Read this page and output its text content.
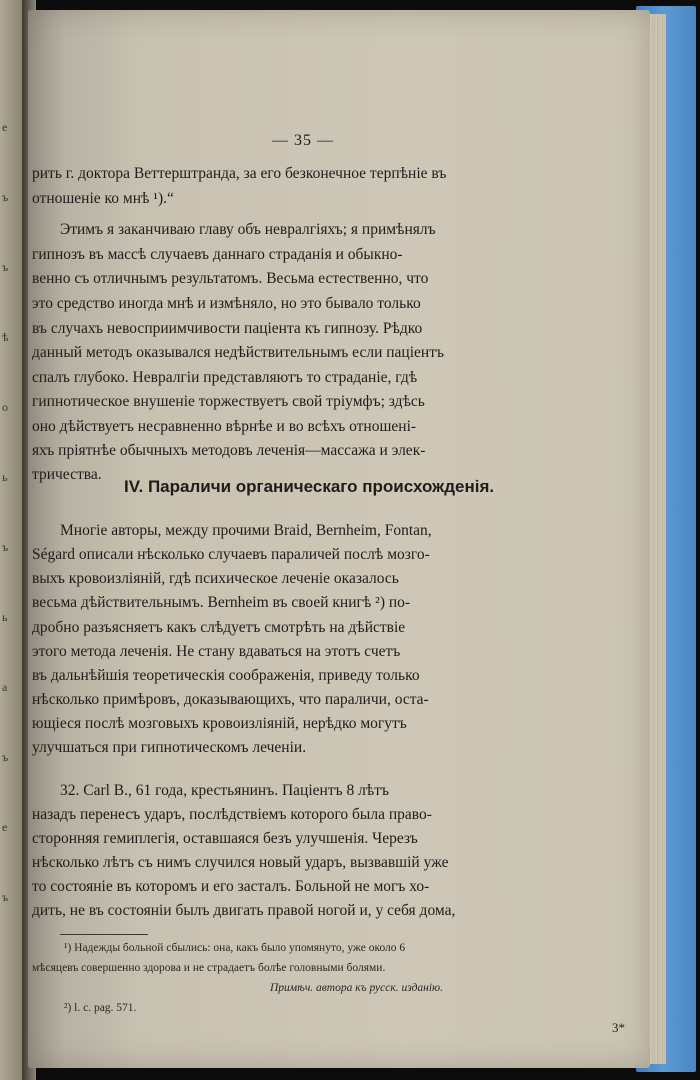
е
ъ
ъ
ѣ
о
ь
ъ
ь
а
ъ
е
ъ
— 35 —
рить г. доктора Веттерштранда, за его безконечное терпѣніе въ
отношеніе ко мнѣ ¹).“
Этимъ я заканчиваю главу объ невралгіяхъ; я примѣнялъ
гипнозъ въ массѣ случаевъ даннаго страданія и обыкно-
венно съ отличнымъ результатомъ. Весьма естественно, что
это средство иногда мнѣ и измѣняло, но это бывало только
въ случахъ невосприимчивости пацiента къ гипнозу. Рѣдко
данный методъ оказывался недѣйствительнымъ если пацiентъ
спалъ глубоко. Невралгіи представляютъ то страданіе, гдѣ
гипнотическое внушеніе торжествуетъ свой тріумфъ; здѣсь
оно дѣйствуетъ несравненно вѣрнѣе и во всѣхъ отношені-
яхъ пріятнѣе обычныхъ методовъ леченія—массажа и элек-
тричества.
IV. Параличи органическаго происхожденія.
Многіе авторы, между прочими Braid, Bernheim, Fontan,
Ségard описали нѣсколько случаевъ параличей послѣ мозго-
выхъ кровоизліяній, гдѣ психическое леченіе оказалось
весьма дѣйствительнымъ. Bernheim въ своей книгѣ ²) по-
дробно разъясняетъ какъ слѣдуетъ смотрѣть на дѣйствіе
этого метода леченія. Не стану вдаваться на этотъ счетъ
въ дальнѣйшія теоретическія соображенія, приведу только
нѣсколько примѣровъ, доказывающихъ, что параличи, оста-
ющіеся послѣ мозговыхъ кровоизліяній, нерѣдко могутъ
улучшаться при гипнотическомъ леченіи.
32. Carl B., 61 года, крестьянинъ. Пацiентъ 8 лѣтъ
назадъ перенесъ ударъ, послѣдствіемъ которого была право-
сторонняя гемиплегія, оставшаяся безъ улучшенія. Черезъ
нѣсколько лѣтъ съ нимъ случился новый ударъ, вызвавшій уже
то состояніе въ которомъ и его засталъ. Больной не могъ хо-
дить, не въ состояніи былъ двигать правой ногой и, у себя дома,
¹) Надежды больной сбылись: она, какъ было упомянуто, уже около 6
мѣсяцевъ совершенно здорова и не страдаетъ болѣе головными болями.
Примѣч. автора къ русск. изданію.
²) l. c. pag. 571.
3*
